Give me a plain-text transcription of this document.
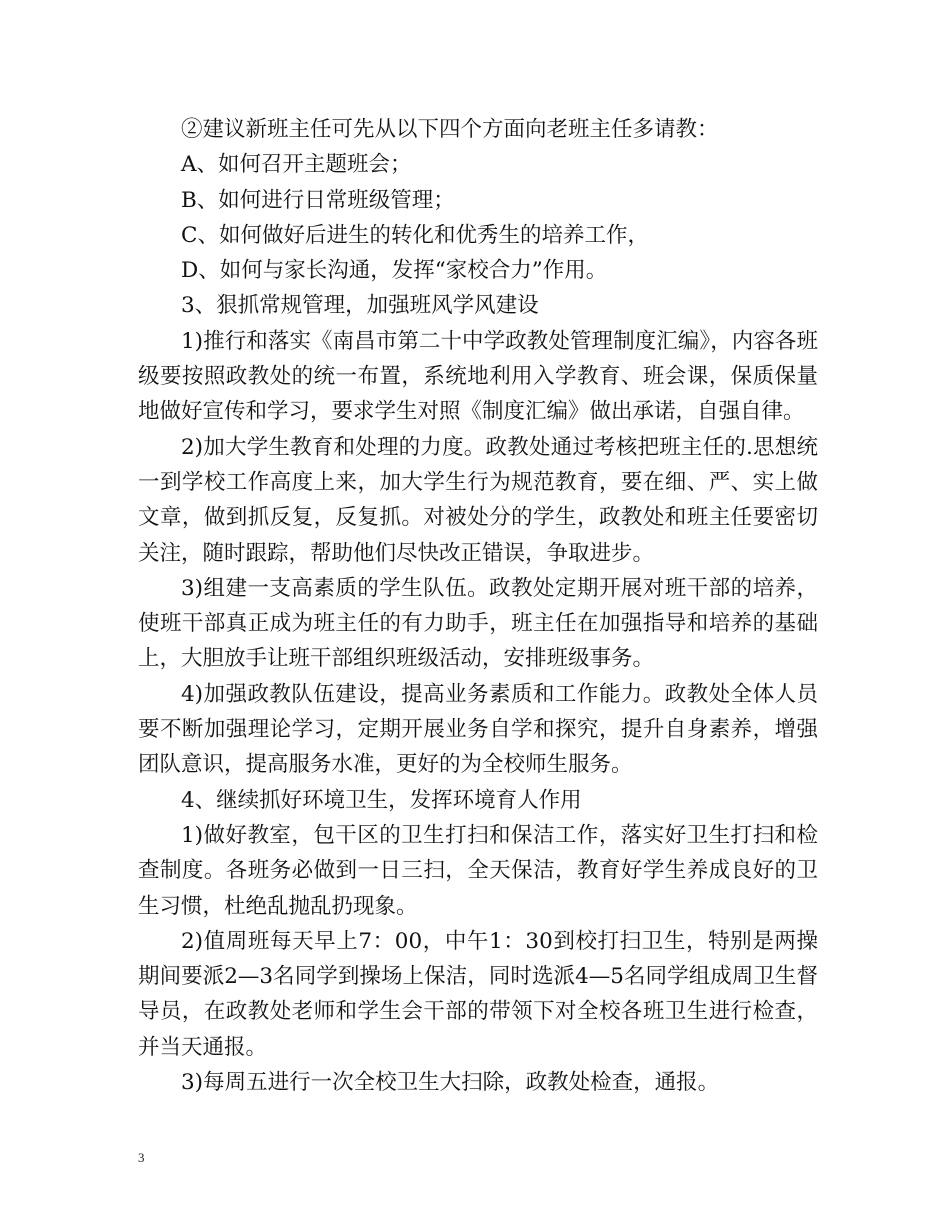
②建议新班主任可先从以下四个方面向老班主任多请教：

A、如何召开主题班会；

B、如何进行日常班级管理；

C、如何做好后进生的转化和优秀生的培养工作，

D、如何与家长沟通，发挥“家校合力”作用。

3、狠抓常规管理，加强班风学风建设

1)推行和落实《南昌市第二十中学政教处管理制度汇编》，内容各班级要按照政教处的统一布置，系统地利用入学教育、班会课，保质保量地做好宣传和学习，要求学生对照《制度汇编》做出承诺，自强自律。

2)加大学生教育和处理的力度。政教处通过考核把班主任的.思想统一到学校工作高度上来，加大学生行为规范教育，要在细、严、实上做文章，做到抓反复，反复抓。对被处分的学生，政教处和班主任要密切关注，随时跟踪，帮助他们尽快改正错误，争取进步。

3)组建一支高素质的学生队伍。政教处定期开展对班干部的培养，使班干部真正成为班主任的有力助手，班主任在加强指导和培养的基础上，大胆放手让班干部组织班级活动，安排班级事务。

4)加强政教队伍建设，提高业务素质和工作能力。政教处全体人员要不断加强理论学习，定期开展业务自学和探究，提升自身素养，增强团队意识，提高服务水准，更好的为全校师生服务。

4、继续抓好环境卫生，发挥环境育人作用

1)做好教室，包干区的卫生打扫和保洁工作，落实好卫生打扫和检查制度。各班务必做到一日三扫，全天保洁，教育好学生养成良好的卫生习惯，杜绝乱抛乱扔现象。

2)值周班每天早上7：00，中午1：30到校打扫卫生，特别是两操期间要派2—3名同学到操场上保洁，同时选派4—5名同学组成周卫生督导员，在政教处老师和学生会干部的带领下对全校各班卫生进行检查，并当天通报。

3)每周五进行一次全校卫生大扫除，政教处检查，通报。

3
